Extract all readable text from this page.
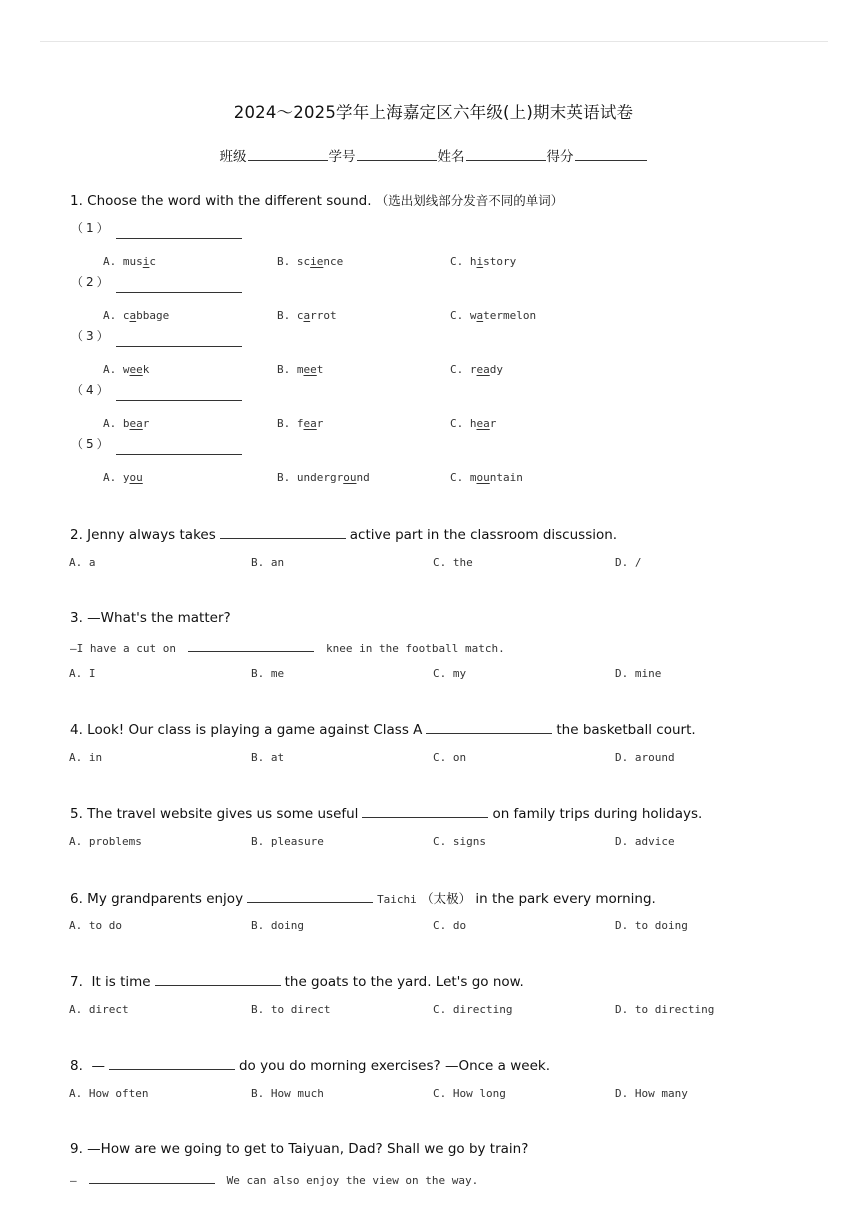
2024～2025学年上海嘉定区六年级(上)期末英语试卷
班级	学号	姓名	得分
1. Choose the word with the different sound. （选出划线部分发音不同的单词）
（1）
A. music	B. science	C. history
（2）
A. cabbage	B. carrot	C. watermelon
（3）
A. week	B. meet	C. ready
（4）
A. bear	B. fear	C. hear
（5）
A. you	B. underground	C. mountain
2. Jenny always takes	active part in the classroom discussion.
A. a	B. an	C. the	D. /
3. —What's the matter?
—I have a cut on	knee in the football match.
A. I	B. me	C. my	D. mine
4. Look! Our class is playing a game against Class A	the basketball court.
A. in	B. at	C. on	D. around
5. The travel website gives us some useful	on family trips during holidays.
A. problems	B. pleasure	C. signs	D. advice
6. My grandparents enjoy	Taichi （太极） in the park every morning.
A. to do	B. doing	C. do	D. to doing
7.  It is time	the goats to the yard. Let's go now.
A. direct	B. to direct	C. directing	D. to directing
8.  —	do you do morning exercises? —Once a week.
A. How often	B. How much	C. How long	D. How many
9. —How are we going to get to Taiyuan, Dad? Shall we go by train?
—	We can also enjoy the view on the way.
